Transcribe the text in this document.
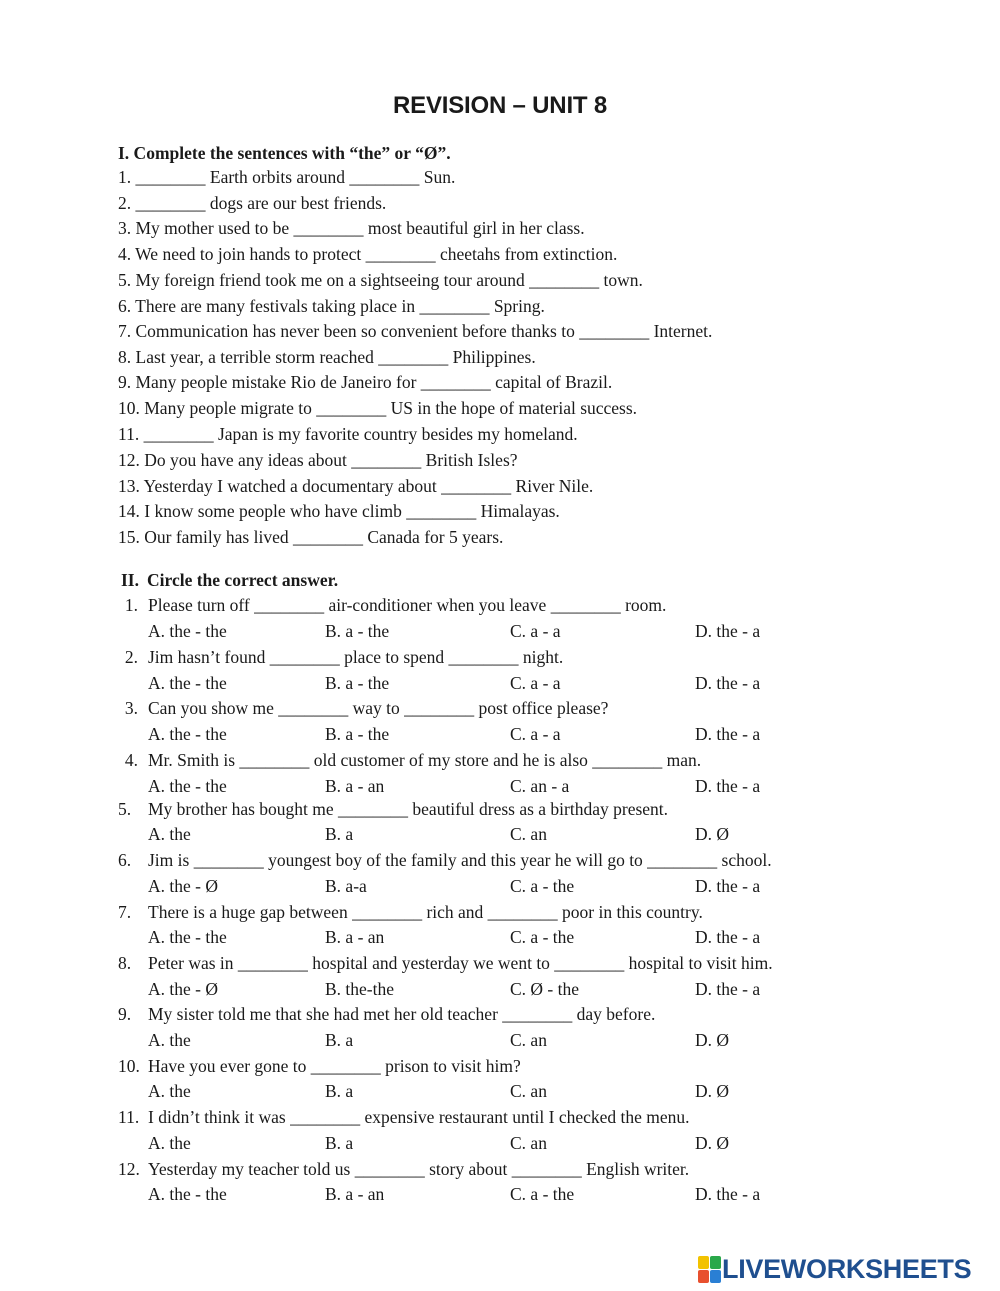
REVISION – UNIT 8
I. Complete the sentences with “the” or “Ø”.
1. ________ Earth orbits around ________ Sun.
2. ________ dogs are our best friends.
3. My mother used to be ________ most beautiful girl in her class.
4. We need to join hands to protect ________ cheetahs from extinction.
5. My foreign friend took me on a sightseeing tour around ________ town.
6. There are many festivals taking place in ________ Spring.
7. Communication has never been so convenient before thanks to ________ Internet.
8. Last year, a terrible storm reached ________ Philippines.
9. Many people mistake Rio de Janeiro for ________ capital of Brazil.
10. Many people migrate to ________ US in the hope of material success.
11. ________ Japan is my favorite country besides my homeland.
12. Do you have any ideas about ________ British Isles?
13. Yesterday I watched a documentary about ________ River Nile.
14. I know some people who have climb ________ Himalayas.
15. Our family has lived ________ Canada for 5 years.
II. Circle the correct answer.
1. Please turn off ________ air-conditioner when you leave ________ room.
A. the - the	B. a - the	C. a - a	D. the - a
2. Jim hasn’t found ________ place to spend ________ night.
A. the - the	B. a - the	C. a - a	D. the - a
3. Can you show me ________ way to ________ post office please?
A. the - the	B. a - the	C. a - a	D. the - a
4. Mr. Smith is ________ old customer of my store and he is also ________ man.
A. the - the	B. a - an	C. an - a	D. the - a
5. My brother has bought me ________ beautiful dress as a birthday present.
A. the	B. a	C. an	D. Ø
6. Jim is ________ youngest boy of the family and this year he will go to ________ school.
A. the - Ø	B. a-a	C. a - the	D. the - a
7. There is a huge gap between ________ rich and ________ poor in this country.
A. the - the	B. a - an	C. a - the	D. the - a
8. Peter was in ________ hospital and yesterday we went to ________ hospital to visit him.
A. the - Ø	B. the-the	C. Ø - the	D. the - a
9. My sister told me that she had met her old teacher ________ day before.
A. the	B. a	C. an	D. Ø
10. Have you ever gone to ________ prison to visit him?
A. the	B. a	C. an	D. Ø
11. I didn’t think it was ________ expensive restaurant until I checked the menu.
A. the	B. a	C. an	D. Ø
12. Yesterday my teacher told us ________ story about ________ English writer.
A. the - the	B. a - an	C. a - the	D. the - a
LIVEWORKSHEETS
